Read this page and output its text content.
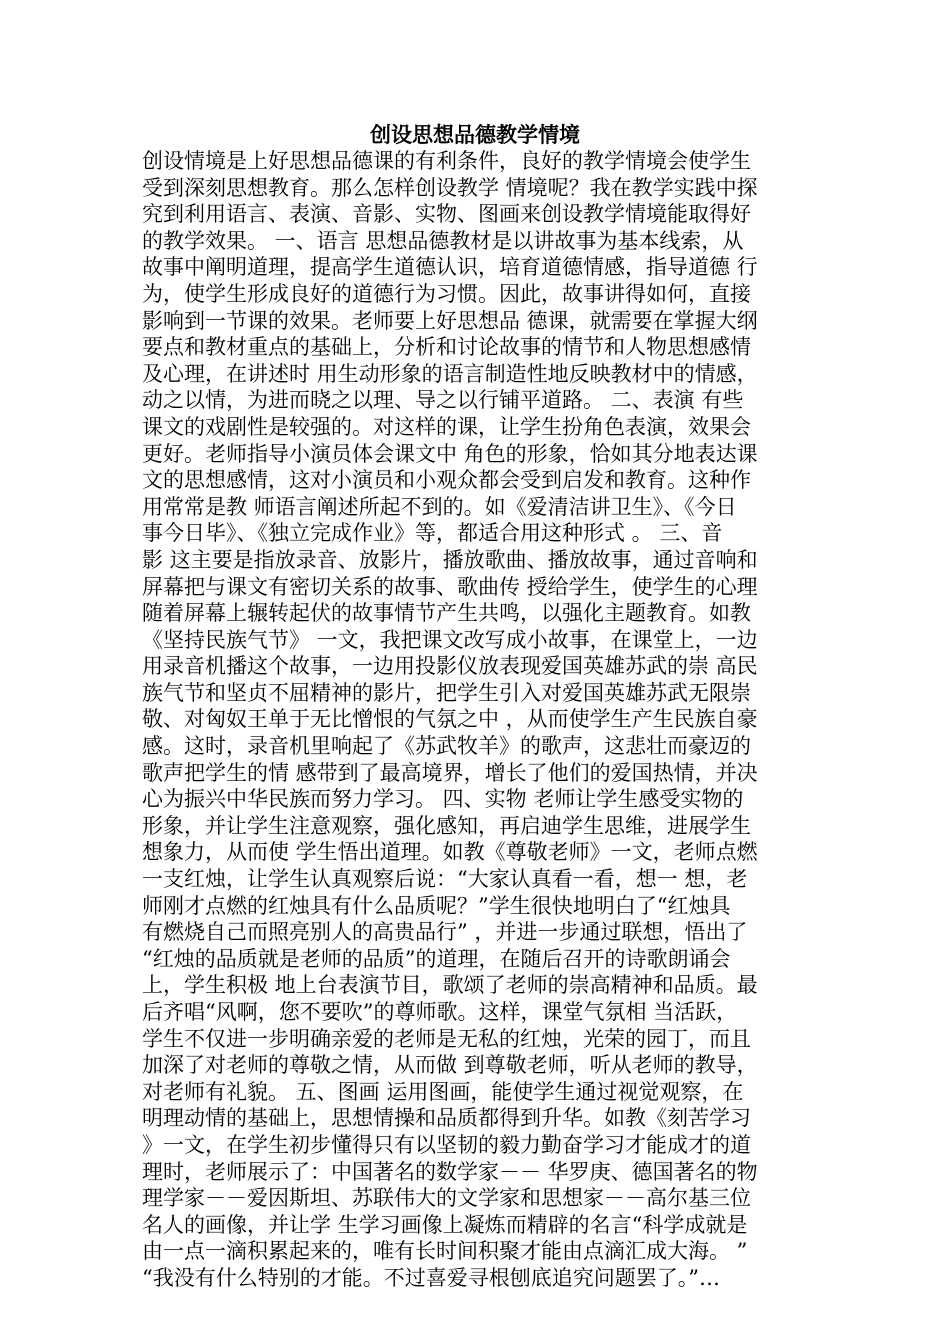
创设思想品德教学情境
创设情境是上好思想品德课的有利条件，良好的教学情境会使学生
受到深刻思想教育。那么怎样创设教学 情境呢？我在教学实践中探
究到利用语言、表演、音影、实物、图画来创设教学情境能取得好
的教学效果。 一、语言 思想品德教材是以讲故事为基本线索，从
故事中阐明道理，提高学生道德认识，培育道德情感，指导道德 行
为，使学生形成良好的道德行为习惯。因此，故事讲得如何，直接
影响到一节课的效果。老师要上好思想品 德课，就需要在掌握大纲
要点和教材重点的基础上，分析和讨论故事的情节和人物思想感情
及心理，在讲述时 用生动形象的语言制造性地反映教材中的情感，
动之以情，为进而晓之以理、导之以行铺平道路。 二、表演 有些
课文的戏剧性是较强的。对这样的课，让学生扮角色表演，效果会
更好。老师指导小演员体会课文中 角色的形象，恰如其分地表达课
文的思想感情，这对小演员和小观众都会受到启发和教育。这种作
用常常是教 师语言阐述所起不到的。如《爱清洁讲卫生》、《今日
事今日毕》、《独立完成作业》等，都适合用这种形式 。 三、音
影 这主要是指放录音、放影片，播放歌曲、播放故事，通过音响和
屏幕把与课文有密切关系的故事、歌曲传 授给学生，使学生的心理
随着屏幕上辗转起伏的故事情节产生共鸣，以强化主题教育。如教
《坚持民族气节》 一文，我把课文改写成小故事，在课堂上，一边
用录音机播这个故事，一边用投影仪放表现爱国英雄苏武的崇 高民
族气节和坚贞不屈精神的影片，把学生引入对爱国英雄苏武无限崇
敬、对匈奴王单于无比憎恨的气氛之中 ，从而使学生产生民族自豪
感。这时，录音机里响起了《苏武牧羊》的歌声，这悲壮而豪迈的
歌声把学生的情 感带到了最高境界，增长了他们的爱国热情，并决
心为振兴中华民族而努力学习。 四、实物 老师让学生感受实物的
形象，并让学生注意观察，强化感知，再启迪学生思维，进展学生
想象力，从而使 学生悟出道理。如教《尊敬老师》一文，老师点燃
一支红烛，让学生认真观察后说：“大家认真看一看，想一 想，老
师刚才点燃的红烛具有什么品质呢？”学生很快地明白了“红烛具
有燃烧自己而照亮别人的高贵品行” ，并进一步通过联想，悟出了
“红烛的品质就是老师的品质”的道理，在随后召开的诗歌朗诵会
上，学生积极 地上台表演节目，歌颂了老师的崇高精神和品质。最
后齐唱“风啊，您不要吹”的尊师歌。这样，课堂气氛相 当活跃，
学生不仅进一步明确亲爱的老师是无私的红烛，光荣的园丁，而且
加深了对老师的尊敬之情，从而做 到尊敬老师，听从老师的教导，
对老师有礼貌。 五、图画 运用图画，能使学生通过视觉观察，在
明理动情的基础上，思想情操和品质都得到升华。如教《刻苦学习
》一文，在学生初步懂得只有以坚韧的毅力勤奋学习才能成才的道
理时，老师展示了：中国著名的数学家－－ 华罗庚、德国著名的物
理学家－－爱因斯坦、苏联伟大的文学家和思想家－－高尔基三位
名人的画像，并让学 生学习画像上凝炼而精辟的名言“科学成就是
由一点一滴积累起来的，唯有长时间积聚才能由点滴汇成大海。 ”
“我没有什么特别的才能。不过喜爱寻根刨底追究问题罢了。”…
